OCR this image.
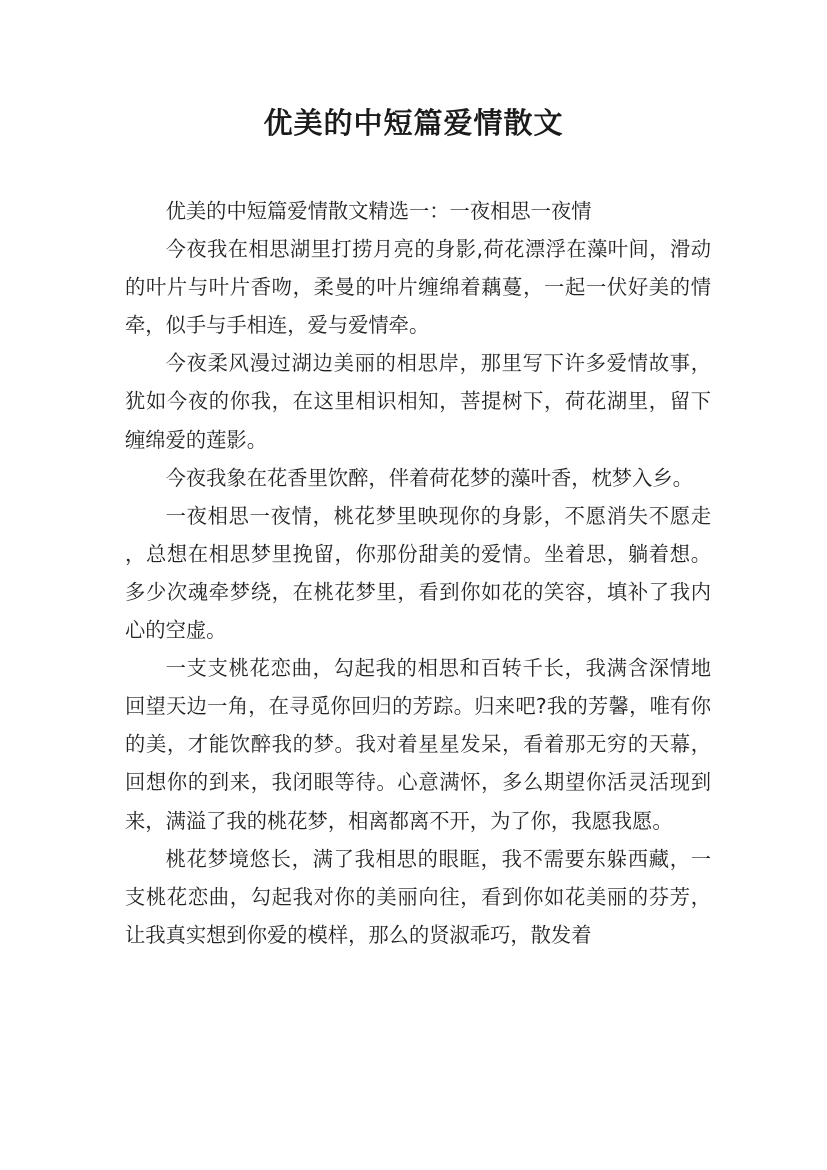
优美的中短篇爱情散文

优美的中短篇爱情散文精选一：一夜相思一夜情

今夜我在相思湖里打捞月亮的身影,荷花漂浮在藻叶间，滑动的叶片与叶片香吻，柔曼的叶片缠绵着藕蔓，一起一伏好美的情牵，似手与手相连，爱与爱情牵。

今夜柔风漫过湖边美丽的相思岸，那里写下许多爱情故事，犹如今夜的你我，在这里相识相知，菩提树下，荷花湖里，留下缠绵爱的莲影。

今夜我象在花香里饮醉，伴着荷花梦的藻叶香，枕梦入乡。

一夜相思一夜情，桃花梦里映现你的身影，不愿消失不愿走，总想在相思梦里挽留，你那份甜美的爱情。坐着思，躺着想。多少次魂牵梦绕，在桃花梦里，看到你如花的笑容，填补了我内心的空虚。

一支支桃花恋曲，勾起我的相思和百转千长，我满含深情地回望天边一角，在寻觅你回归的芳踪。归来吧?我的芳馨，唯有你的美，才能饮醉我的梦。我对着星星发呆，看着那无穷的天幕，回想你的到来，我闭眼等待。心意满怀，多么期望你活灵活现到来，满溢了我的桃花梦，相离都离不开，为了你，我愿我愿。

桃花梦境悠长，满了我相思的眼眶，我不需要东躲西藏，一支桃花恋曲，勾起我对你的美丽向往，看到你如花美丽的芬芳，让我真实想到你爱的模样，那么的贤淑乖巧，散发着
